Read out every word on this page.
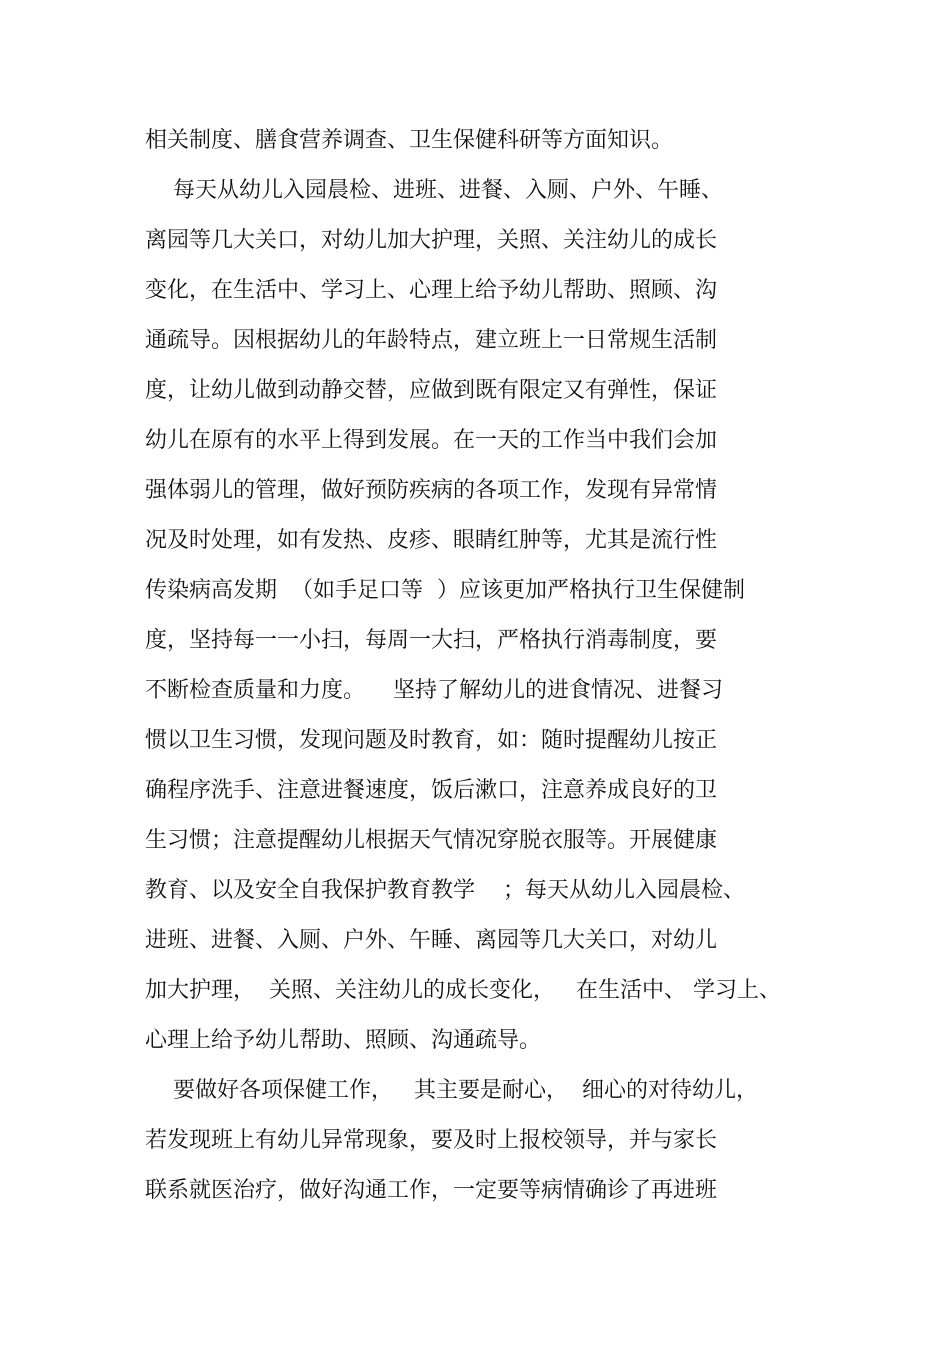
相关制度、膳食营养调查、卫生保健科研等方面知识。
每天从幼儿入园晨检、进班、进餐、入厕、户外、午睡、
离园等几大关口，对幼儿加大护理，关照、关注幼儿的成长
变化，在生活中、学习上、心理上给予幼儿帮助、照顾、沟
通疏导。因根据幼儿的年龄特点，建立班上一日常规生活制
度，让幼儿做到动静交替，应做到既有限定又有弹性，保证
幼儿在原有的水平上得到发展。在一天的工作当中我们会加
强体弱儿的管理，做好预防疾病的各项工作，发现有异常情
况及时处理，如有发热、皮疹、眼睛红肿等，尤其是流行性
传染病高发期  （如手足口等  ）应该更加严格执行卫生保健制
度，坚持每一一小扫，每周一大扫，严格执行消毒制度，要
不断检查质量和力度。    坚持了解幼儿的进食情况、进餐习
惯以卫生习惯，发现问题及时教育，如：随时提醒幼儿按正
确程序洗手、注意进餐速度，饭后漱口，注意养成良好的卫
生习惯；注意提醒幼儿根据天气情况穿脱衣服等。开展健康
教育、以及安全自我保护教育教学    ；每天从幼儿入园晨检、
进班、进餐、入厕、户外、午睡、离园等几大关口，对幼儿
加大护理，  关照、关注幼儿的成长变化，   在生活中、 学习上、
心理上给予幼儿帮助、照顾、沟通疏导。
要做好各项保健工作，   其主要是耐心，  细心的对待幼儿，
若发现班上有幼儿异常现象，要及时上报校领导，并与家长
联系就医治疗，做好沟通工作，一定要等病情确诊了再进班
